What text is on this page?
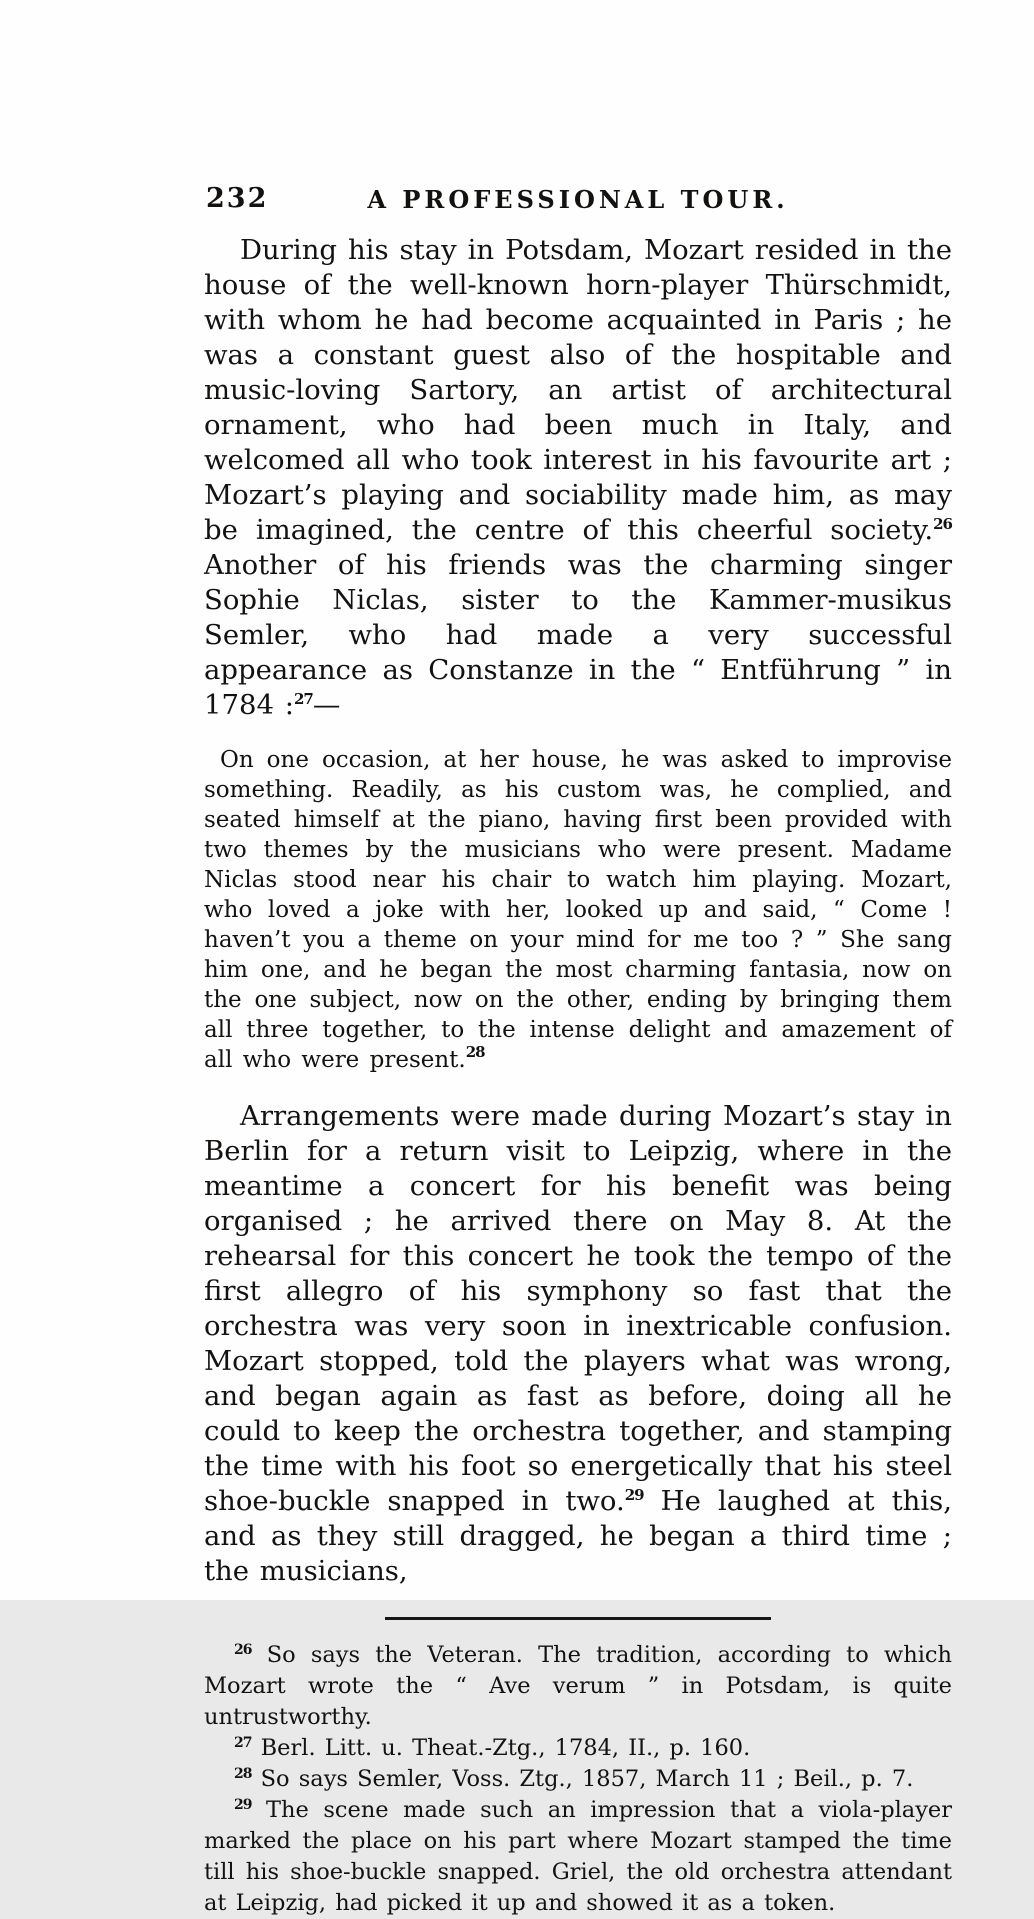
232	A PROFESSIONAL TOUR.

During his stay in Potsdam, Mozart resided in the house of the well-known horn-player Thürschmidt, with whom he had become acquainted in Paris ; he was a constant guest also of the hospitable and music-loving Sartory, an artist of architectural ornament, who had been much in Italy, and welcomed all who took interest in his favourite art ; Mozart’s playing and sociability made him, as may be imagined, the centre of this cheerful society.$^{26}$ Another of his friends was the charming singer Sophie Niclas, sister to the Kammer-musikus Semler, who had made a very successful appearance as Constanze in the “ Entführung ” in 1784 :$^{27}$—

On one occasion, at her house, he was asked to improvise something. Readily, as his custom was, he complied, and seated himself at the piano, having first been provided with two themes by the musicians who were present. Madame Niclas stood near his chair to watch him playing. Mozart, who loved a joke with her, looked up and said, “ Come ! haven’t you a theme on your mind for me too ? ” She sang him one, and he began the most charming fantasia, now on the one subject, now on the other, ending by bringing them all three together, to the intense delight and amazement of all who were present.$^{28}$

Arrangements were made during Mozart’s stay in Berlin for a return visit to Leipzig, where in the meantime a concert for his benefit was being organised ; he arrived there on May 8. At the rehearsal for this concert he took the tempo of the first allegro of his symphony so fast that the orchestra was very soon in inextricable confusion. Mozart stopped, told the players what was wrong, and began again as fast as before, doing all he could to keep the orchestra together, and stamping the time with his foot so energetically that his steel shoe-buckle snapped in two.$^{29}$ He laughed at this, and as they still dragged, he began a third time ; the musicians,

$^{26}$ So says the Veteran. The tradition, according to which Mozart wrote the “ Ave verum ” in Potsdam, is quite untrustworthy.

$^{27}$ Berl. Litt. u. Theat.-Ztg., 1784, II., p. 160.

$^{28}$ So says Semler, Voss. Ztg., 1857, March 11 ; Beil., p. 7.

$^{29}$ The scene made such an impression that a viola-player marked the place on his part where Mozart stamped the time till his shoe-buckle snapped. Griel, the old orchestra attendant at Leipzig, had picked it up and showed it as a token.
